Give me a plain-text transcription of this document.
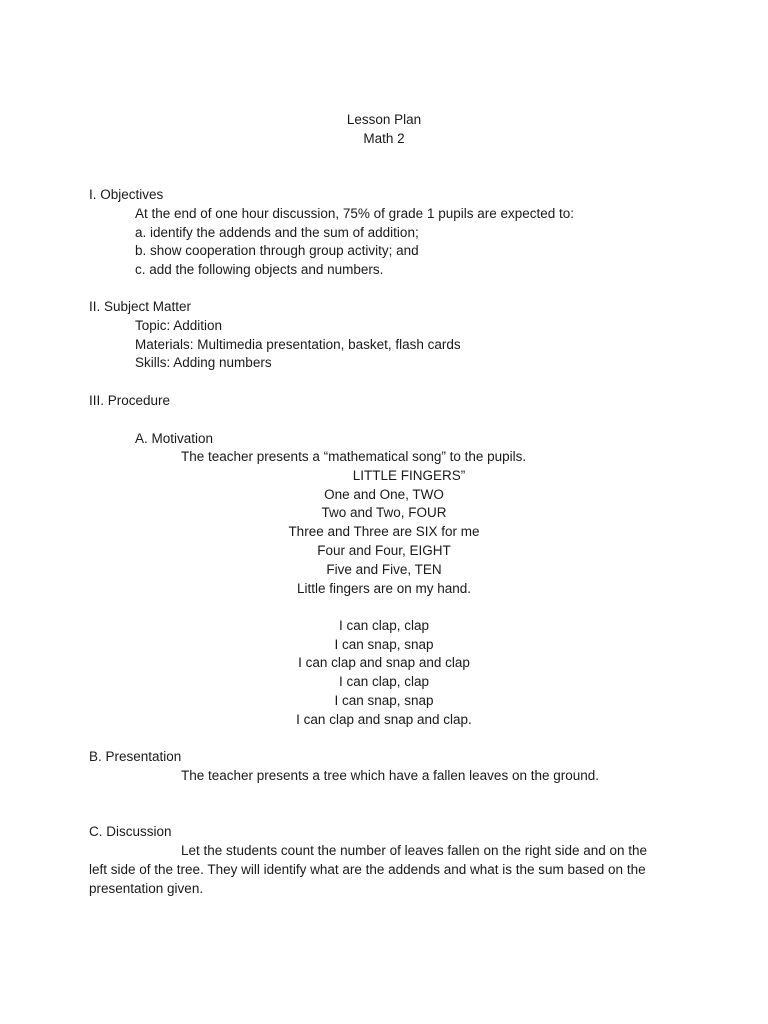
Lesson Plan
Math 2
I. Objectives
At the end of one hour discussion, 75% of grade 1 pupils are expected to:
a. identify the addends and the sum of addition;
b. show cooperation through group activity; and
c. add the following objects and numbers.
II. Subject Matter
Topic: Addition
Materials: Multimedia presentation, basket, flash cards
Skills: Adding numbers
III. Procedure
A. Motivation
The teacher presents a “mathematical song” to the pupils.
LITTLE FINGERS”
One and One, TWO
Two and Two, FOUR
Three and Three are SIX for me
Four and Four, EIGHT
Five and Five, TEN
Little fingers are on my hand.
I can clap, clap
I can snap, snap
I can clap and snap and clap
I can clap, clap
I can snap, snap
I can clap and snap and clap.
B. Presentation
The teacher presents a tree which have a fallen leaves on the ground.
C. Discussion
Let the students count the number of leaves fallen on the right side and on the
left side of the tree. They will identify what are the addends and what is the sum based on the
presentation given.
